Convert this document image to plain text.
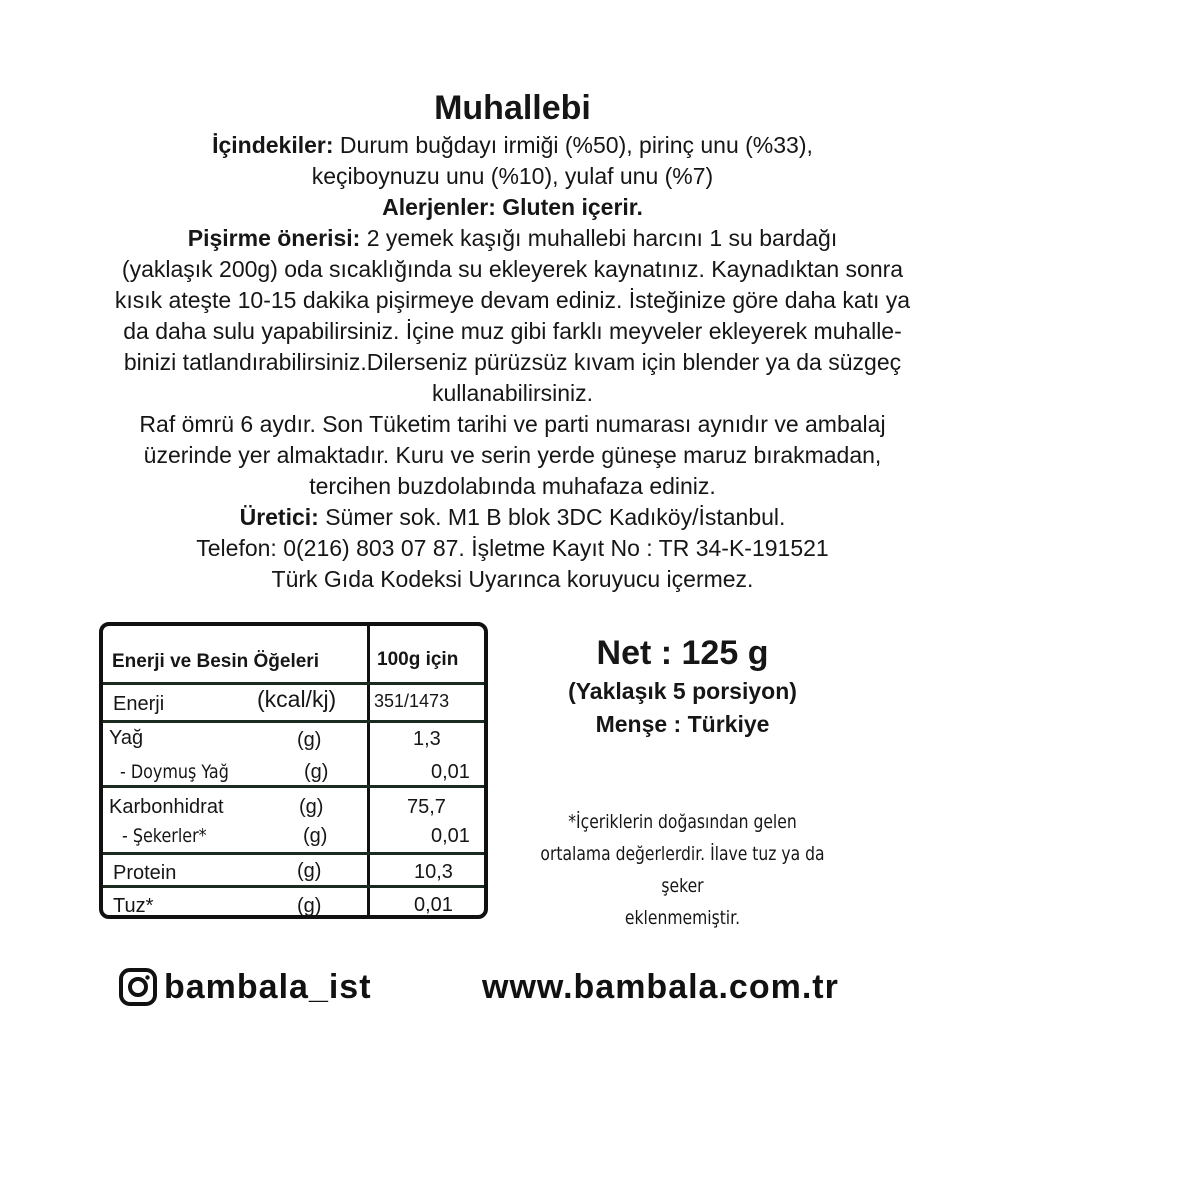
Muhallebi
İçindekiler: Durum buğdayı irmiği (%50), pirinç unu (%33),
keçiboynuzu unu (%10), yulaf unu (%7)
Alerjenler: Gluten içerir.
Pişirme önerisi: 2 yemek kaşığı muhallebi harcını 1 su bardağı
(yaklaşık 200g) oda sıcaklığında su ekleyerek kaynatınız. Kaynadıktan sonra
kısık ateşte 10-15 dakika pişirmeye devam ediniz. İsteğinize göre daha katı ya
da daha sulu yapabilirsiniz. İçine muz gibi farklı meyveler ekleyerek muhalle-
binizi tatlandırabilirsiniz.Dilerseniz pürüzsüz kıvam için blender ya da süzgeç
kullanabilirsiniz.
Raf ömrü 6 aydır. Son Tüketim tarihi ve parti numarası aynıdır ve ambalaj
üzerinde yer almaktadır. Kuru ve serin yerde güneşe maruz bırakmadan,
tercihen buzdolabında muhafaza ediniz.
Üretici: Sümer sok. M1 B blok 3DC Kadıköy/İstanbul.
Telefon: 0(216) 803 07 87. İşletme Kayıt No : TR 34-K-191521
Türk Gıda Kodeksi Uyarınca koruyucu içermez.
Enerji ve Besin Öğeleri	100g için
Enerji	(kcal/kj) 351/1473
Yağ	(g)	1,3
- Doymuş Yağ	(g)	0,01
Karbonhidrat	(g)	75,7
- Şekerler*	(g)	0,01
Protein	(g)	10,3
Tuz*	(g)	0,01
Net : 125 g
(Yaklaşık 5 porsiyon)
Menşe : Türkiye
*İçeriklerin doğasından gelen
ortalama değerlerdir. İlave tuz ya da şeker
eklenmemiştir.
bambala_ist	www.bambala.com.tr
